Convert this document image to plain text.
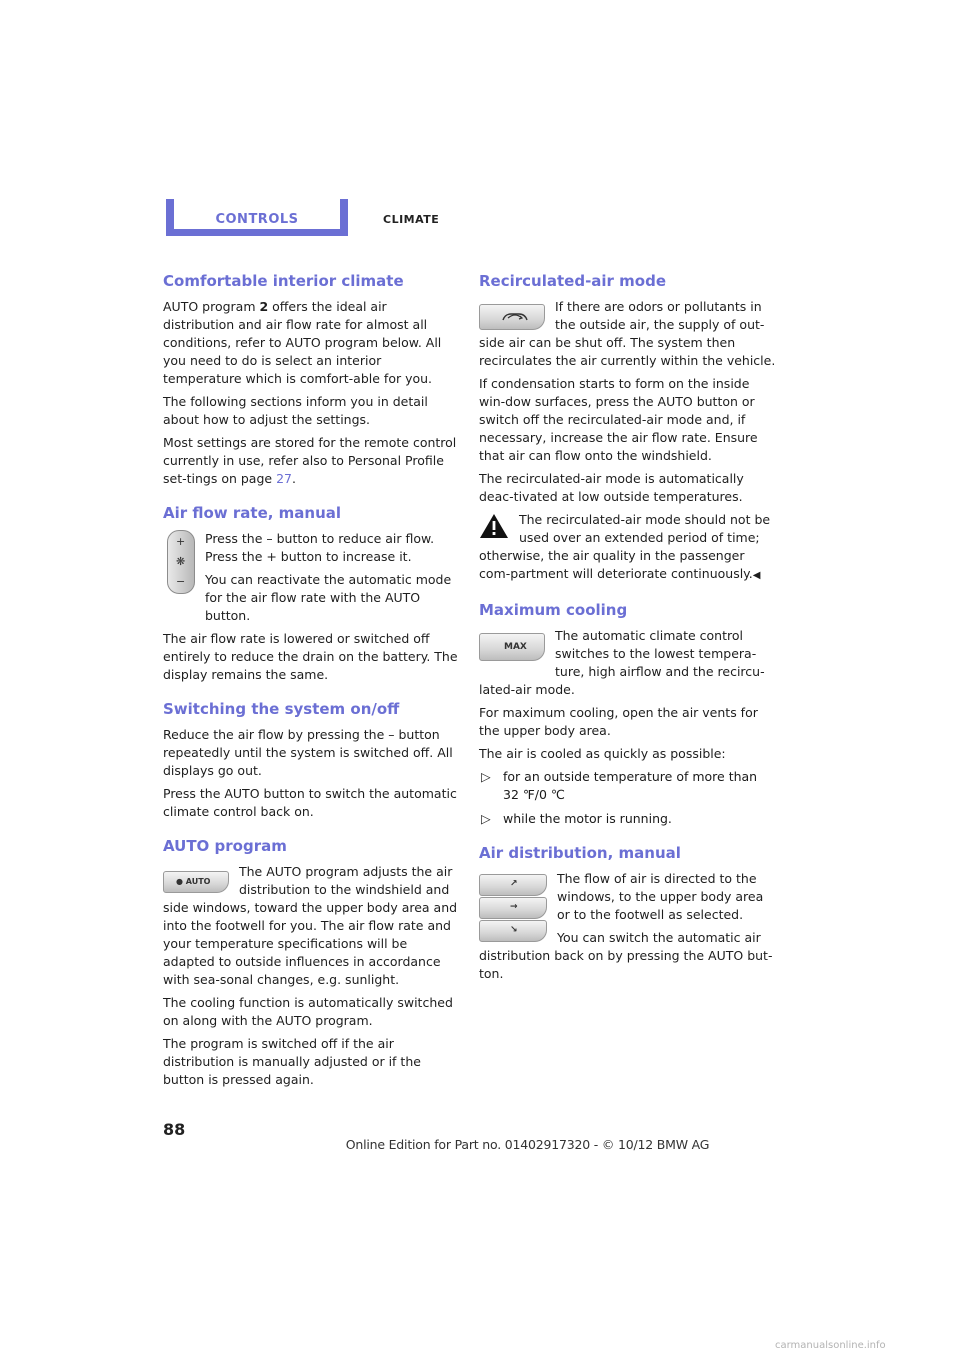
CONTROLS	CLIMATE
Comfortable interior climate

AUTO program 2 offers the ideal air distribution and air flow rate for almost all conditions, refer to AUTO program below. All you need to do is select an interior temperature which is comfort-able for you.

The following sections inform you in detail about how to adjust the settings.

Most settings are stored for the remote control currently in use, refer also to Personal Profile set-tings on page 27.

Air flow rate, manual
+
❋
−

Press the – button to reduce air flow. Press the + button to increase it.

You can reactivate the automatic mode for the air flow rate with the AUTO button.

The air flow rate is lowered or switched off entirely to reduce the drain on the battery. The display remains the same.

Switching the system on/off

Reduce the air flow by pressing the – button repeatedly until the system is switched off. All displays go out.

Press the AUTO button to switch the automatic climate control back on.

AUTO program
● AUTO

The AUTO program adjusts the air distribution to the windshield and side windows, toward the upper body area and into the footwell for you. The air flow rate and your temperature specifications will be adapted to outside influences in accordance with sea-sonal changes, e.g. sunlight.

The cooling function is automatically switched on along with the AUTO program.

The program is switched off if the air distribution is manually adjusted or if the button is pressed again.

Recirculated-air mode

If there are odors or pollutants in the outside air, the supply of out-side air can be shut off. The system then recirculates the air currently within the vehicle.

If condensation starts to form on the inside win-dow surfaces, press the AUTO button or switch off the recirculated-air mode and, if necessary, increase the air flow rate. Ensure that air can flow onto the windshield.

The recirculated-air mode is automatically deac-tivated at low outside temperatures.

The recirculated-air mode should not be used over an extended period of time; otherwise, the air quality in the passenger com-partment will deteriorate continuously.◀

Maximum cooling
MAX

The automatic climate control switches to the lowest tempera-ture, high airflow and the recircu-lated-air mode.

For maximum cooling, open the air vents for the upper body area.

The air is cooled as quickly as possible:

▷ for an outside temperature of more than 32 ℉/0 ℃
▷ while the motor is running.
Air distribution, manual
↗
→
↘

The flow of air is directed to the windows, to the upper body area or to the footwell as selected.

You can switch the automatic air distribution back on by pressing the AUTO but-ton.

88
Online Edition for Part no. 01402917320 - © 10/12 BMW AG
carmanualsonline.info
